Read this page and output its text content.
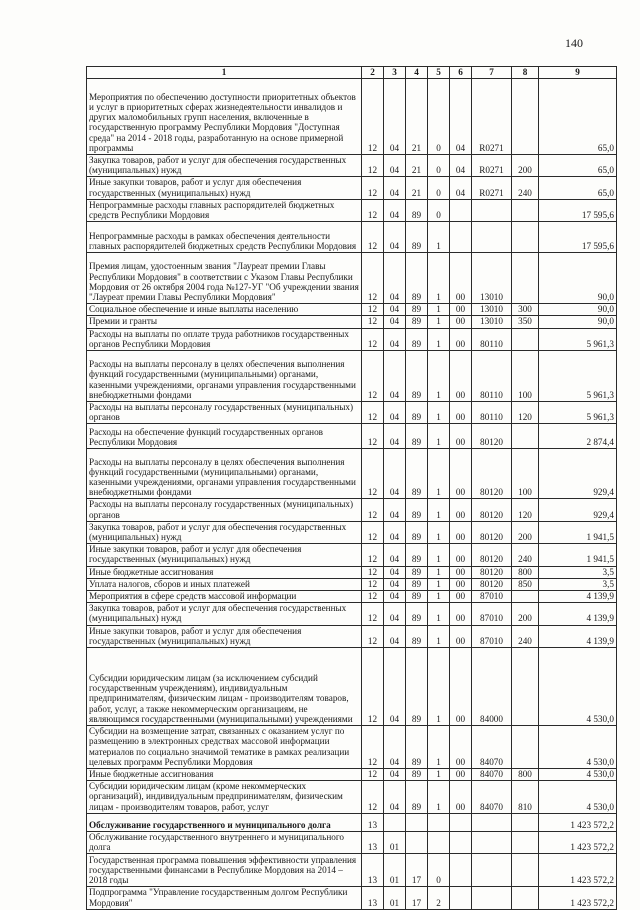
140
1	2	3	4	5	6	7	8	9
Мероприятия по обеспечению доступности приоритетных объектов и услуг в приоритетных сферах жизнедеятельности инвалидов и других маломобильных групп населения, включенные в государственную программу Республики Мордовия "Доступная среда" на 2014 - 2018 годы, разработанную на основе примерной программы	12	04	21	0	04	R0271		65,0
Закупка товаров, работ и услуг для обеспечения государственных (муниципальных) нужд	12	04	21	0	04	R0271	200	65,0
Иные закупки товаров, работ и услуг для обеспечения государственных (муниципальных) нужд	12	04	21	0	04	R0271	240	65,0
Непрограммные расходы главных распорядителей бюджетных средств Республики Мордовия	12	04	89	0				17 595,6
Непрограммные расходы в рамках обеспечения деятельности главных распорядителей бюджетных средств Республики Мордовия	12	04	89	1				17 595,6
Премия лицам, удостоенным звания "Лауреат премии Главы Республики Мордовия" в соответствии с Указом Главы Республики Мордовия от 26 октября 2004 года №127-УГ "Об учреждении звания "Лауреат премии Главы Республики Мордовия"	12	04	89	1	00	13010		90,0
Социальное обеспечение и иные выплаты населению	12	04	89	1	00	13010	300	90,0
Премии и гранты	12	04	89	1	00	13010	350	90,0
Расходы на выплаты по оплате труда работников государственных органов Республики Мордовия	12	04	89	1	00	80110		5 961,3
Расходы на выплаты персоналу в целях обеспечения выполнения функций государственными (муниципальными) органами, казенными учреждениями, органами управления государственными внебюджетными фондами	12	04	89	1	00	80110	100	5 961,3
Расходы на выплаты персоналу государственных (муниципальных) органов	12	04	89	1	00	80110	120	5 961,3
Расходы на обеспечение функций государственных органов Республики Мордовия	12	04	89	1	00	80120		2 874,4
Расходы на выплаты персоналу в целях обеспечения выполнения функций государственными (муниципальными) органами, казенными учреждениями, органами управления государственными внебюджетными фондами	12	04	89	1	00	80120	100	929,4
Расходы на выплаты персоналу государственных (муниципальных) органов	12	04	89	1	00	80120	120	929,4
Закупка товаров, работ и услуг для обеспечения государственных (муниципальных) нужд	12	04	89	1	00	80120	200	1 941,5
Иные закупки товаров, работ и услуг для обеспечения государственных (муниципальных) нужд	12	04	89	1	00	80120	240	1 941,5
Иные бюджетные ассигнования	12	04	89	1	00	80120	800	3,5
Уплата налогов, сборов и иных платежей	12	04	89	1	00	80120	850	3,5
Мероприятия в сфере средств массовой информации	12	04	89	1	00	87010		4 139,9
Закупка товаров, работ и услуг для обеспечения государственных (муниципальных) нужд	12	04	89	1	00	87010	200	4 139,9
Иные закупки товаров, работ и услуг для обеспечения государственных (муниципальных) нужд	12	04	89	1	00	87010	240	4 139,9
Субсидии юридическим лицам (за исключением субсидий государственным учреждениям), индивидуальным предпринимателям, физическим лицам - производителям товаров, работ, услуг, а также некоммерческим организациям, не являющимся государственными (муниципальными) учреждениями	12	04	89	1	00	84000		4 530,0
Субсидии на возмещение затрат, связанных с оказанием услуг по размещению в электронных средствах массовой информации материалов по социально значимой тематике в рамках реализации целевых программ Республики Мордовия	12	04	89	1	00	84070		4 530,0
Иные бюджетные ассигнования	12	04	89	1	00	84070	800	4 530,0
Субсидии юридическим лицам (кроме некоммерческих организаций), индивидуальным предпринимателям, физическим лицам - производителям товаров, работ, услуг	12	04	89	1	00	84070	810	4 530,0
Обслуживание государственного и муниципального долга	13							1 423 572,2
Обслуживание государственного внутреннего и муниципального долга	13	01						1 423 572,2
Государственная программа повышения эффективности управления государственными финансами в Республике Мордовия на 2014 – 2018 годы	13	01	17	0				1 423 572,2
Подпрограмма "Управление государственным долгом Республики Мордовия"	13	01	17	2				1 423 572,2
